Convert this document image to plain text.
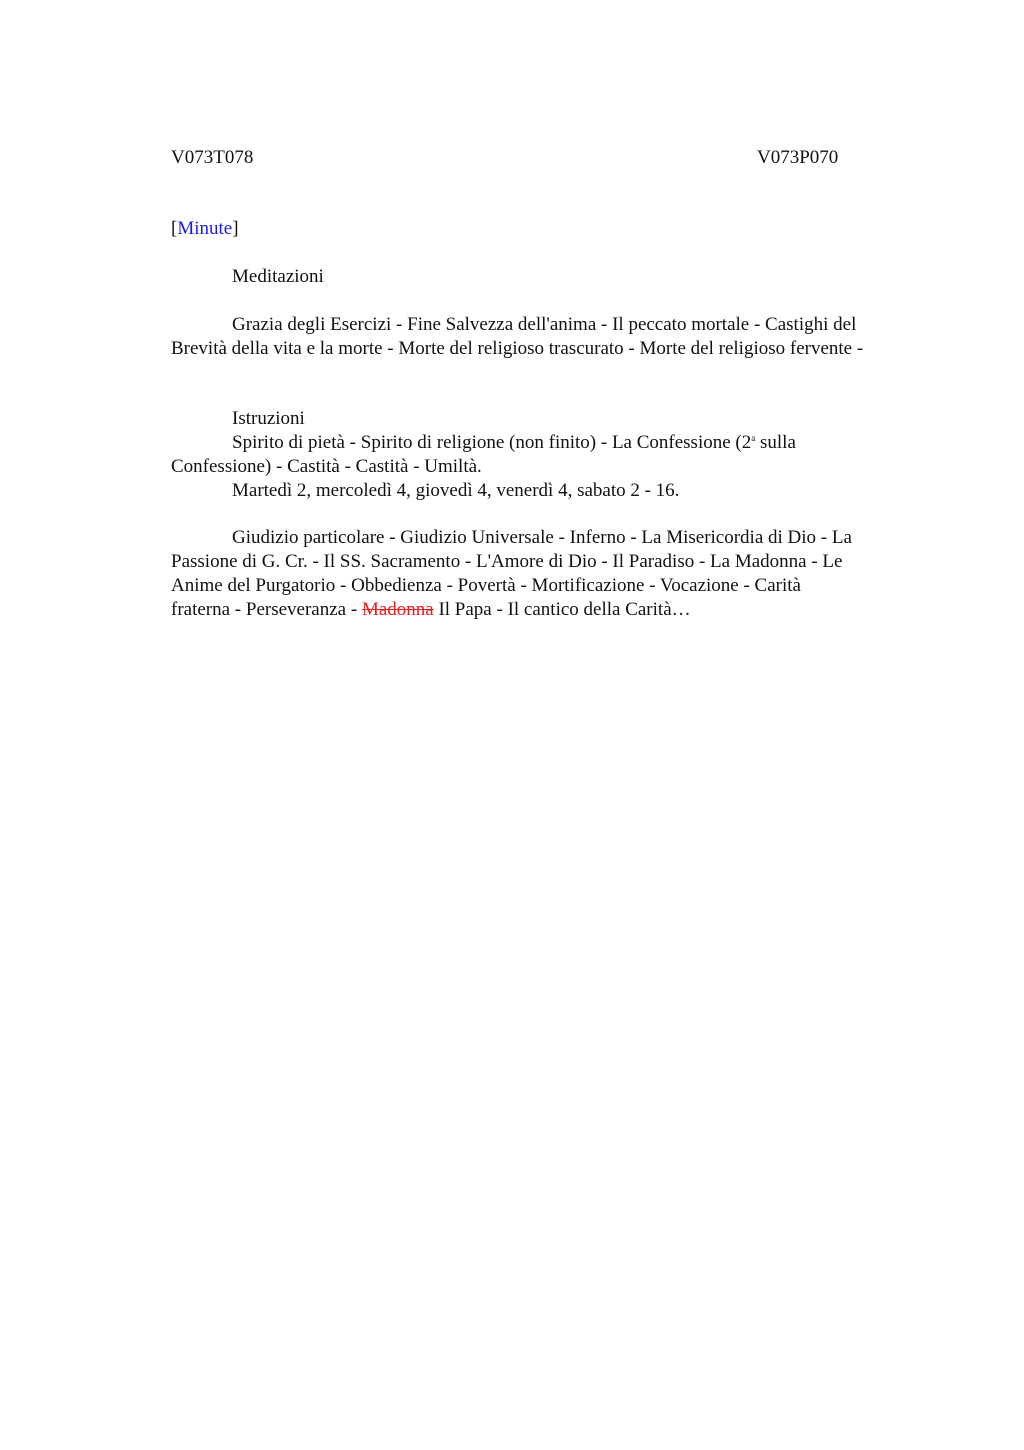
V073T078	V073P070
[Minute]

Meditazioni

Grazia degli Esercizi - Fine Salvezza dell'anima - Il peccato mortale - Castighi del

Brevità della vita e la morte - Morte del religioso trascurato - Morte del religioso fervente -

Istruzioni

Spirito di pietà - Spirito di religione (non finito) - La Confessione (2$^a$ sulla

Confessione) - Castità - Castità - Umiltà.

Martedì 2, mercoledì 4, giovedì 4, venerdì 4, sabato 2 - 16.

Giudizio particolare - Giudizio Universale - Inferno - La Misericordia di Dio - La

Passione di G. Cr. - Il SS. Sacramento - L'Amore di Dio - Il Paradiso - La Madonna - Le

Anime del Purgatorio - Obbedienza - Povertà - Mortificazione - Vocazione - Carità

fraterna - Perseveranza - Madonna Il Papa - Il cantico della Carità…
